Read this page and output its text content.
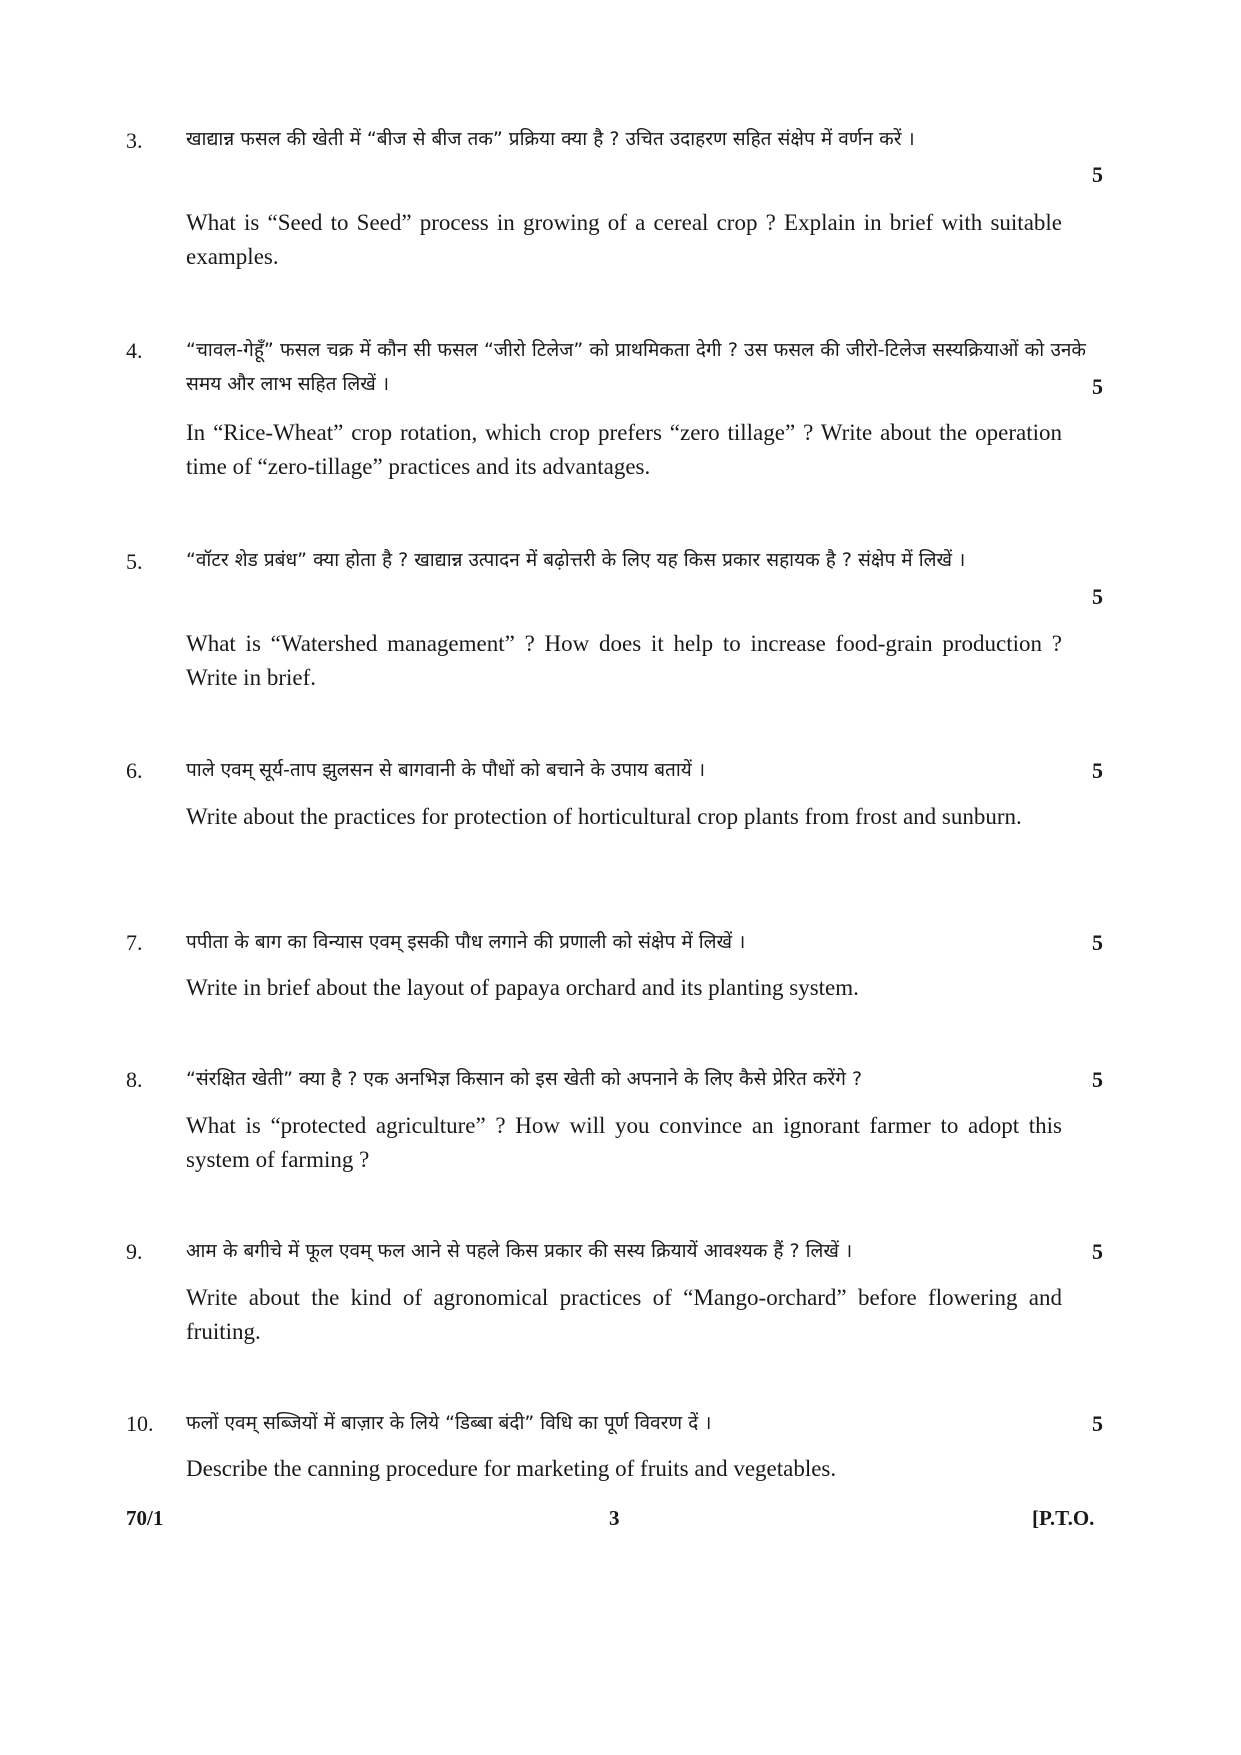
3. खाद्यान्न फसल की खेती में “बीज से बीज तक” प्रक्रिया क्या है ? उचित उदाहरण सहित संक्षेप में वर्णन करें ।
5
What is “Seed to Seed” process in growing of a cereal crop ? Explain in brief with suitable examples.
4. “चावल-गेहूँ” फसल चक्र में कौन सी फसल “जीरो टिलेज” को प्राथमिकता देगी ? उस फसल की जीरो-टिलेज सस्यक्रियाओं को उनके समय और लाभ सहित लिखें ।	5
In “Rice-Wheat” crop rotation, which crop prefers “zero tillage” ? Write about the operation time of “zero-tillage” practices and its advantages.
5. “वॉटर शेड प्रबंध” क्या होता है ? खाद्यान्न उत्पादन में बढ़ोत्तरी के लिए यह किस प्रकार सहायक है ? संक्षेप में लिखें ।
5
What is “Watershed management” ? How does it help to increase food-grain production ? Write in brief.
6. पाले एवम् सूर्य-ताप झुलसन से बागवानी के पौधों को बचाने के उपाय बतायें ।	5
Write about the practices for protection of horticultural crop plants from frost and sunburn.
7. पपीता के बाग का विन्यास एवम् इसकी पौध लगाने की प्रणाली को संक्षेप में लिखें ।	5
Write in brief about the layout of papaya orchard and its planting system.
8. “संरक्षित खेती” क्या है ? एक अनभिज्ञ किसान को इस खेती को अपनाने के लिए कैसे प्रेरित करेंगे ?	5
What is “protected agriculture” ? How will you convince an ignorant farmer to adopt this system of farming ?
9. आम के बगीचे में फूल एवम् फल आने से पहले किस प्रकार की सस्य क्रियायें आवश्यक हैं ? लिखें ।	5
Write about the kind of agronomical practices of “Mango-orchard” before flowering and fruiting.
10. फलों एवम् सब्जियों में बाज़ार के लिये “डिब्बा बंदी” विधि का पूर्ण विवरण दें ।	5
Describe the canning procedure for marketing of fruits and vegetables.
70/1	3	[P.T.O.
